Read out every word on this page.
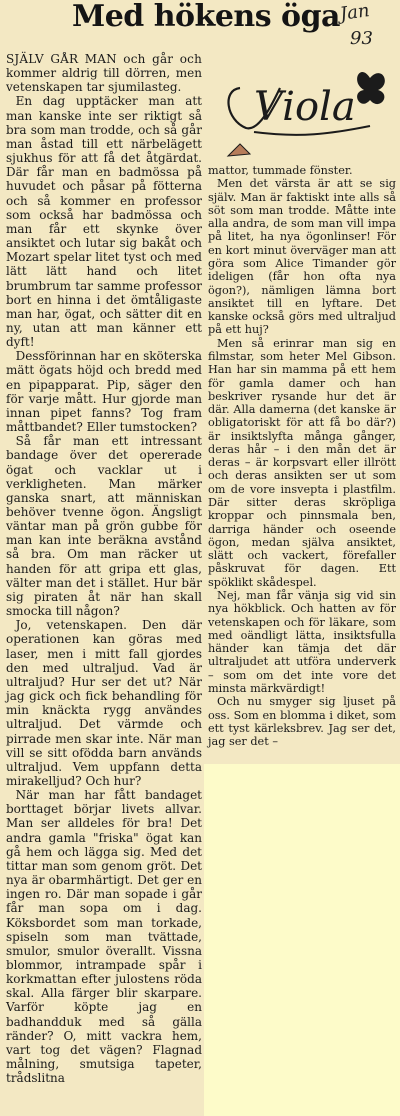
Med hökens öga
Jan
93
Viola

SJÄLV GÅR MAN och går och kommer aldrig till dörren, men vetenskapen tar sjumilasteg.

En dag upptäcker man att man kanske inte ser riktigt så bra som man trodde, och så går man åstad till ett närbelägett sjukhus för att få det åtgärdat. Där får man en badmössa på huvudet och påsar på fötterna och så kommer en professor som också har badmössa och man får ett skynke över ansiktet och lutar sig bakåt och Mozart spelar litet tyst och med lätt lätt hand och litet brumbrum tar samme professor bort en hinna i det ömtåligaste man har, ögat, och sätter dit en ny, utan att man känner ett dyft!

Dessförinnan har en sköterska mätt ögats höjd och bredd med en pipapparat. Pip, säger den för varje mått. Hur gjorde man innan pipet fanns? Tog fram måttbandet? Eller tumstocken?

Så får man ett intressant bandage över det opererade ögat och vacklar ut i verkligheten. Man märker ganska snart, att människan behöver tvenne ögon. Ängsligt väntar man på grön gubbe för man kan inte beräkna avstånd så bra. Om man räcker ut handen för att gripa ett glas, välter man det i stället. Hur bär sig piraten åt när han skall smocka till någon?

Jo, vetenskapen. Den där operationen kan göras med laser, men i mitt fall gjordes den med ultraljud. Vad är ultraljud? Hur ser det ut? När jag gick och fick behandling för min knäckta rygg användes ultraljud. Det värmde och pirrade men skar inte. När man vill se sitt ofödda barn används ultraljud. Vem uppfann detta mirakelljud? Och hur?

När man har fått bandaget borttaget börjar livets allvar. Man ser alldeles för bra! Det andra gamla "friska" ögat kan gå hem och lägga sig. Med det tittar man som genom gröt. Det nya är obarmhärtigt. Det ger en ingen ro. Där man sopade i går får man sopa om i dag. Köksbordet som man torkade, spiseln som man tvättade, smulor, smulor överallt. Vissna blommor, intrampade spår i korkmattan efter julostens röda skal. Alla färger blir skarpare. Varför köpte jag en badhandduk med så gälla ränder? O, mitt vackra hem, vart tog det vägen? Flagnad målning, smutsiga tapeter, trådslitna

mattor, tummade fönster.

Men det värsta är att se sig själv. Man är faktiskt inte alls så söt som man trodde. Måtte inte alla andra, de som man vill impa på litet, ha nya ögonlinser! För en kort minut överväger man att göra som Alice Timander gör ideligen (får hon ofta nya ögon?), nämligen lämna bort ansiktet till en lyftare. Det kanske också görs med ultraljud på ett huj?

Men så erinrar man sig en filmstar, som heter Mel Gibson. Han har sin mamma på ett hem för gamla damer och han beskriver rysande hur det är där. Alla damerna (det kanske är obligatoriskt för att få bo där?) är insiktslyfta många gånger, deras hår – i den mån det är deras – är korpsvart eller illrött och deras ansikten ser ut som om de vore insvepta i plastfilm. Där sitter deras skröpliga kroppar och pinnsmala ben, darriga händer och oseende ögon, medan själva ansiktet, slätt och vackert, förefaller påskruvat för dagen. Ett spöklikt skådespel.

Nej, man får vänja sig vid sin nya hökblick. Och hatten av för vetenskapen och för läkare, som med oändligt lätta, insiktsfulla händer kan tämja det där ultraljudet att utföra underverk – som om det inte vore det minsta märkvärdigt!

Och nu smyger sig ljuset på oss. Som en blomma i diket, som ett tyst kärleksbrev. Jag ser det, jag ser det –
